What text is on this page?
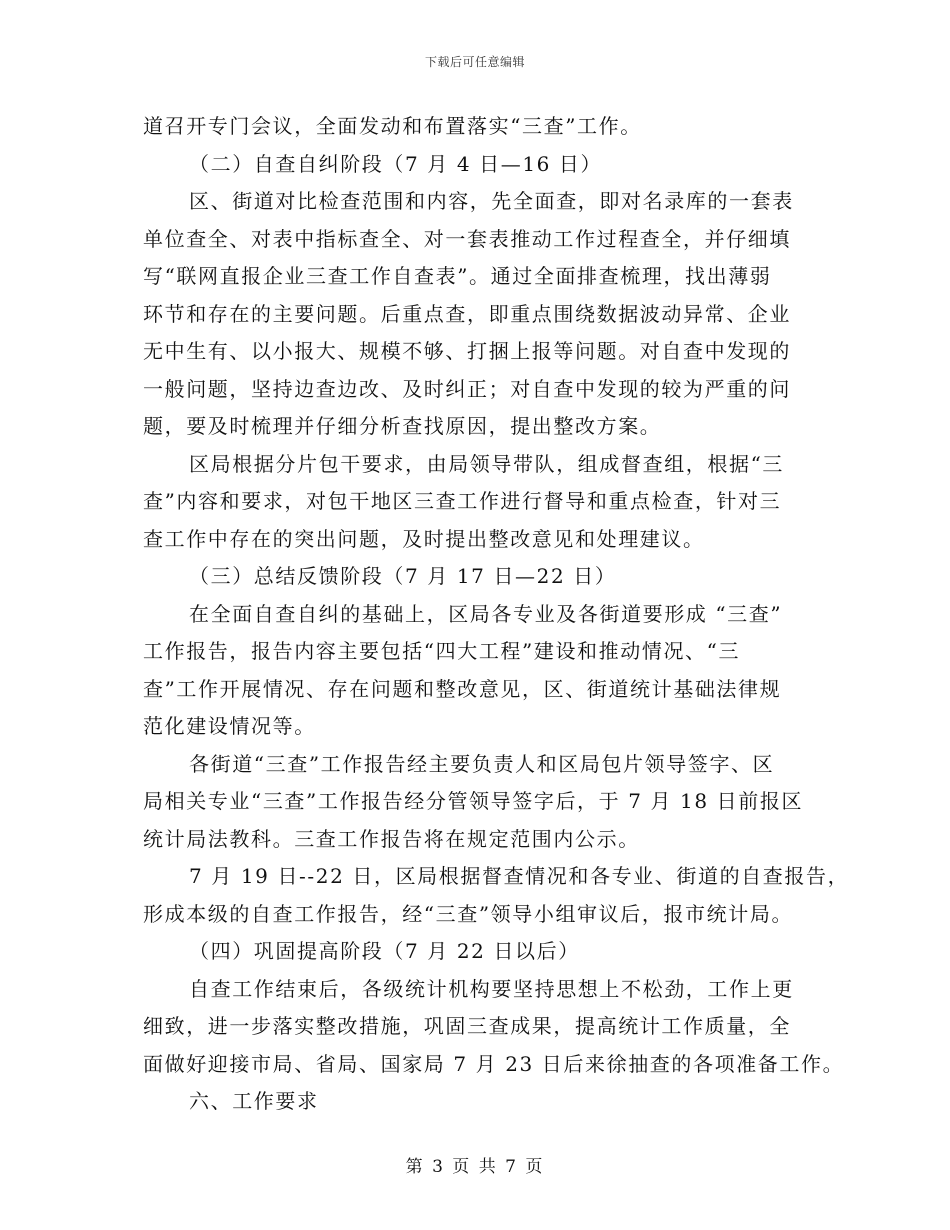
下载后可任意编辑
道召开专门会议，全面发动和布置落实“三查”工作。
（二）自查自纠阶段（7 月 4 日—16 日）
区、街道对比检查范围和内容，先全面查，即对名录库的一套表
单位查全、对表中指标查全、对一套表推动工作过程查全，并仔细填
写“联网直报企业三查工作自查表”。通过全面排查梳理，找出薄弱
环节和存在的主要问题。后重点查，即重点围绕数据波动异常、企业
无中生有、以小报大、规模不够、打捆上报等问题。对自查中发现的
一般问题，坚持边查边改、及时纠正；对自查中发现的较为严重的问
题，要及时梳理并仔细分析查找原因，提出整改方案。
区局根据分片包干要求，由局领导带队，组成督查组，根据“三
查”内容和要求，对包干地区三查工作进行督导和重点检查，针对三
查工作中存在的突出问题，及时提出整改意见和处理建议。
（三）总结反馈阶段（7 月 17 日—22 日）
在全面自查自纠的基础上，区局各专业及各街道要形成 “三查”
工作报告，报告内容主要包括“四大工程”建设和推动情况、“三
查”工作开展情况、存在问题和整改意见，区、街道统计基础法律规
范化建设情况等。
各街道“三查”工作报告经主要负责人和区局包片领导签字、区
局相关专业“三查”工作报告经分管领导签字后，于 7 月 18 日前报区
统计局法教科。三查工作报告将在规定范围内公示。
7 月 19 日--22 日，区局根据督查情况和各专业、街道的自查报告，
形成本级的自查工作报告，经“三查”领导小组审议后，报市统计局。
（四）巩固提高阶段（7 月 22 日以后）
自查工作结束后，各级统计机构要坚持思想上不松劲，工作上更
细致，进一步落实整改措施，巩固三查成果，提高统计工作质量，全
面做好迎接市局、省局、国家局 7 月 23 日后来徐抽查的各项准备工作。
六、工作要求
第 3 页 共 7 页
